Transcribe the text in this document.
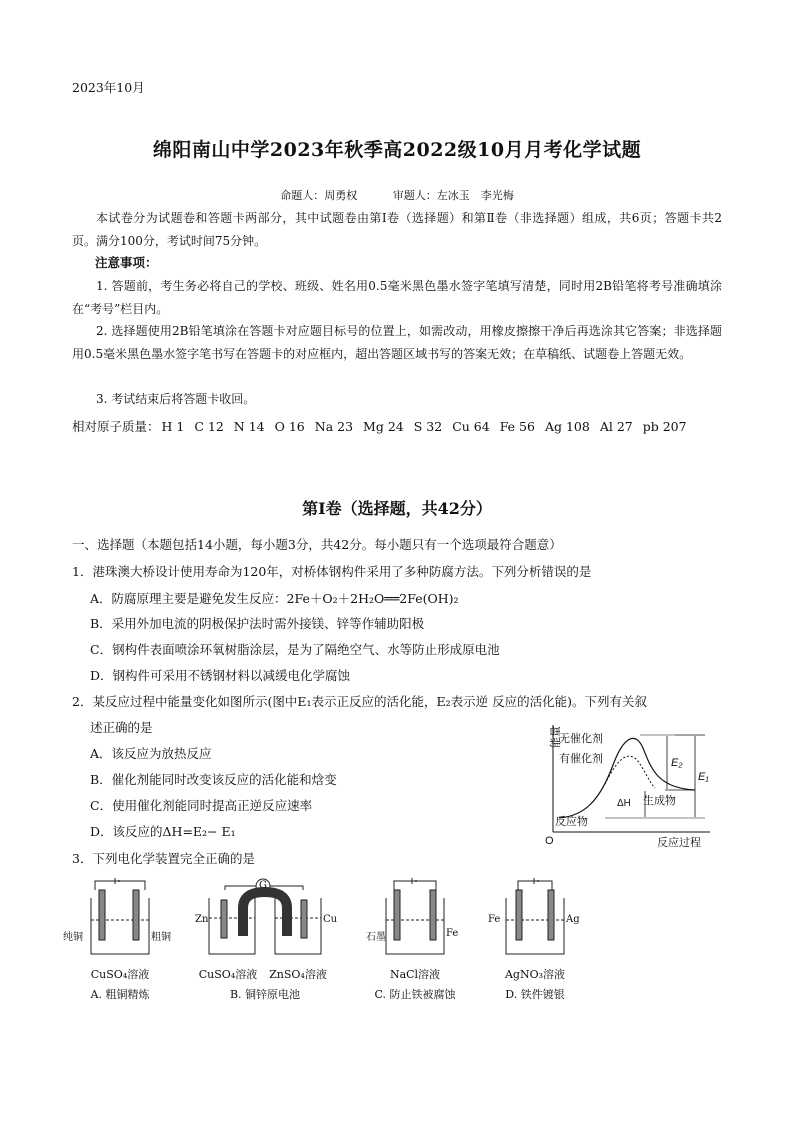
2023年10月
绵阳南山中学2023年秋季高2022级10月月考化学试题
命题人：周勇权	审题人：左冰玉　李光梅
本试卷分为试题卷和答题卡两部分，其中试题卷由第Ⅰ卷（选择题）和第Ⅱ卷（非选择题）组成，共6页；答题卡共2页。满分100分，考试时间75分钟。
注意事项：
1. 答题前，考生务必将自己的学校、班级、姓名用0.5毫米黑色墨水签字笔填写清楚，同时用2B铅笔将考号准确填涂在“考号”栏目内。
2. 选择题使用2B铅笔填涂在答题卡对应题目标号的位置上，如需改动，用橡皮擦擦干净后再选涂其它答案；非选择题用0.5毫米黑色墨水签字笔书写在答题卡的对应框内，超出答题区域书写的答案无效；在草稿纸、试题卷上答题无效。
3. 考试结束后将答题卡收回。
相对原子质量： H 1 C 12 N 14 O 16 Na 23 Mg 24 S 32 Cu 64 Fe 56 Ag 108 Al 27 pb 207
第Ⅰ卷（选择题，共42分）
一、选择题（本题包括14小题，每小题3分，共42分。每小题只有一个选项最符合题意）
1．港珠澳大桥设计使用寿命为120年，对桥体钢构件采用了多种防腐方法。下列分析错误的是
A．防腐原理主要是避免发生反应：2Fe＋O₂＋2H₂O══2Fe(OH)₂
B．采用外加电流的阴极保护法时需外接镁、锌等作辅助阳极
C．钢构件表面喷涂环氧树脂涂层，是为了隔绝空气、水等防止形成原电池
D．钢构件可采用不锈钢材料以减缓电化学腐蚀
2．某反应过程中能量变化如图所示(图中E₁表示正反应的活化能，E₂表示逆 反应的活化能)。下列有关叙
述正确的是
A．该反应为放热反应
B．催化剂能同时改变该反应的活化能和焓变
C．使用催化剂能同时提高正逆反应速率
D．该反应的ΔH=E₂− E₁
能量
O	反应过程
反应物
生成物
ΔH
E₂
E₁
无催化剂
有催化剂
3．下列电化学装置完全正确的是
纯铜	粗铜
CuSO₄溶液
A. 粗铜精炼
G
盐桥
Zn	Cu
CuSO₄溶液	ZnSO₄溶液
B. 铜锌原电池
石墨	Fe
NaCl溶液
C. 防止铁被腐蚀
Fe	Ag
AgNO₃溶液
D. 铁件镀银
